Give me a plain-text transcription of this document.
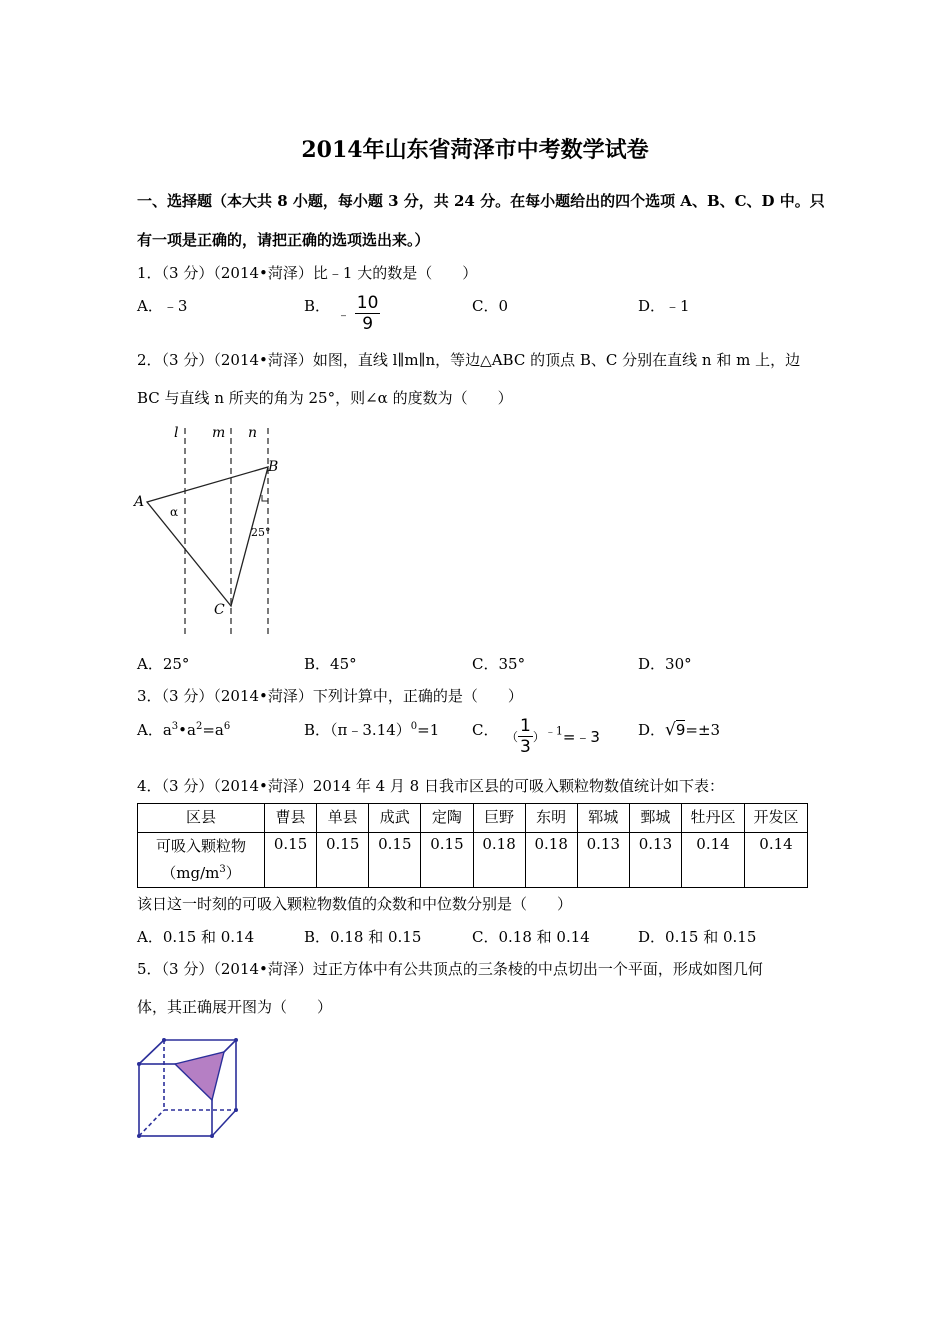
2014年山东省菏泽市中考数学试卷
一、选择题（本大共 8 小题，每小题 3 分，共 24 分。在每小题给出的四个选项 A、B、C、D 中。只
有一项是正确的，请把正确的选项选出来。）
1．（3 分）（2014•菏泽）比﹣1 大的数是（　　）
A．﹣3	B．
﹣ $\frac{10}{9}$	C．0	D．﹣1
2．（3 分）（2014•菏泽）如图，直线 l∥m∥n，等边△ABC 的顶点 B、C 分别在直线 n 和 m 上，边
BC 与直线 n 所夹的角为 25°，则∠α 的度数为（　　）
l m n
A
B
C
α
25°
A．25°	B．45°	C．35°	D．30°
3．（3 分）（2014•菏泽）下列计算中，正确的是（　　）
A．$a^3•a^2=a^6$	B．（π﹣3.14）$^0$=1 C． （ $\frac{1}{3}$ ）$^{﹣1}$=﹣3	D．√9=±3
4．（3 分）（2014•菏泽）2014 年 4 月 8 日我市区县的可吸入颗粒物数值统计如下表：
区县	曹县	单县	成武	定陶	巨野	东明	郓城	鄄城	牡丹区	开发区

可吸入颗粒物
$(mg/m^3)$	0.15	0.15	0.15	0.15	0.18	0.18	0.13	0.13	0.14	0.14
该日这一时刻的可吸入颗粒物数值的众数和中位数分别是（　　）
A．0.15 和 0.14	B．0.18 和 0.15	C．0.18 和 0.14	D．0.15 和 0.15
5．（3 分）（2014•菏泽）过正方体中有公共顶点的三条棱的中点切出一个平面，形成如图几何
体，其正确展开图为（　　）
